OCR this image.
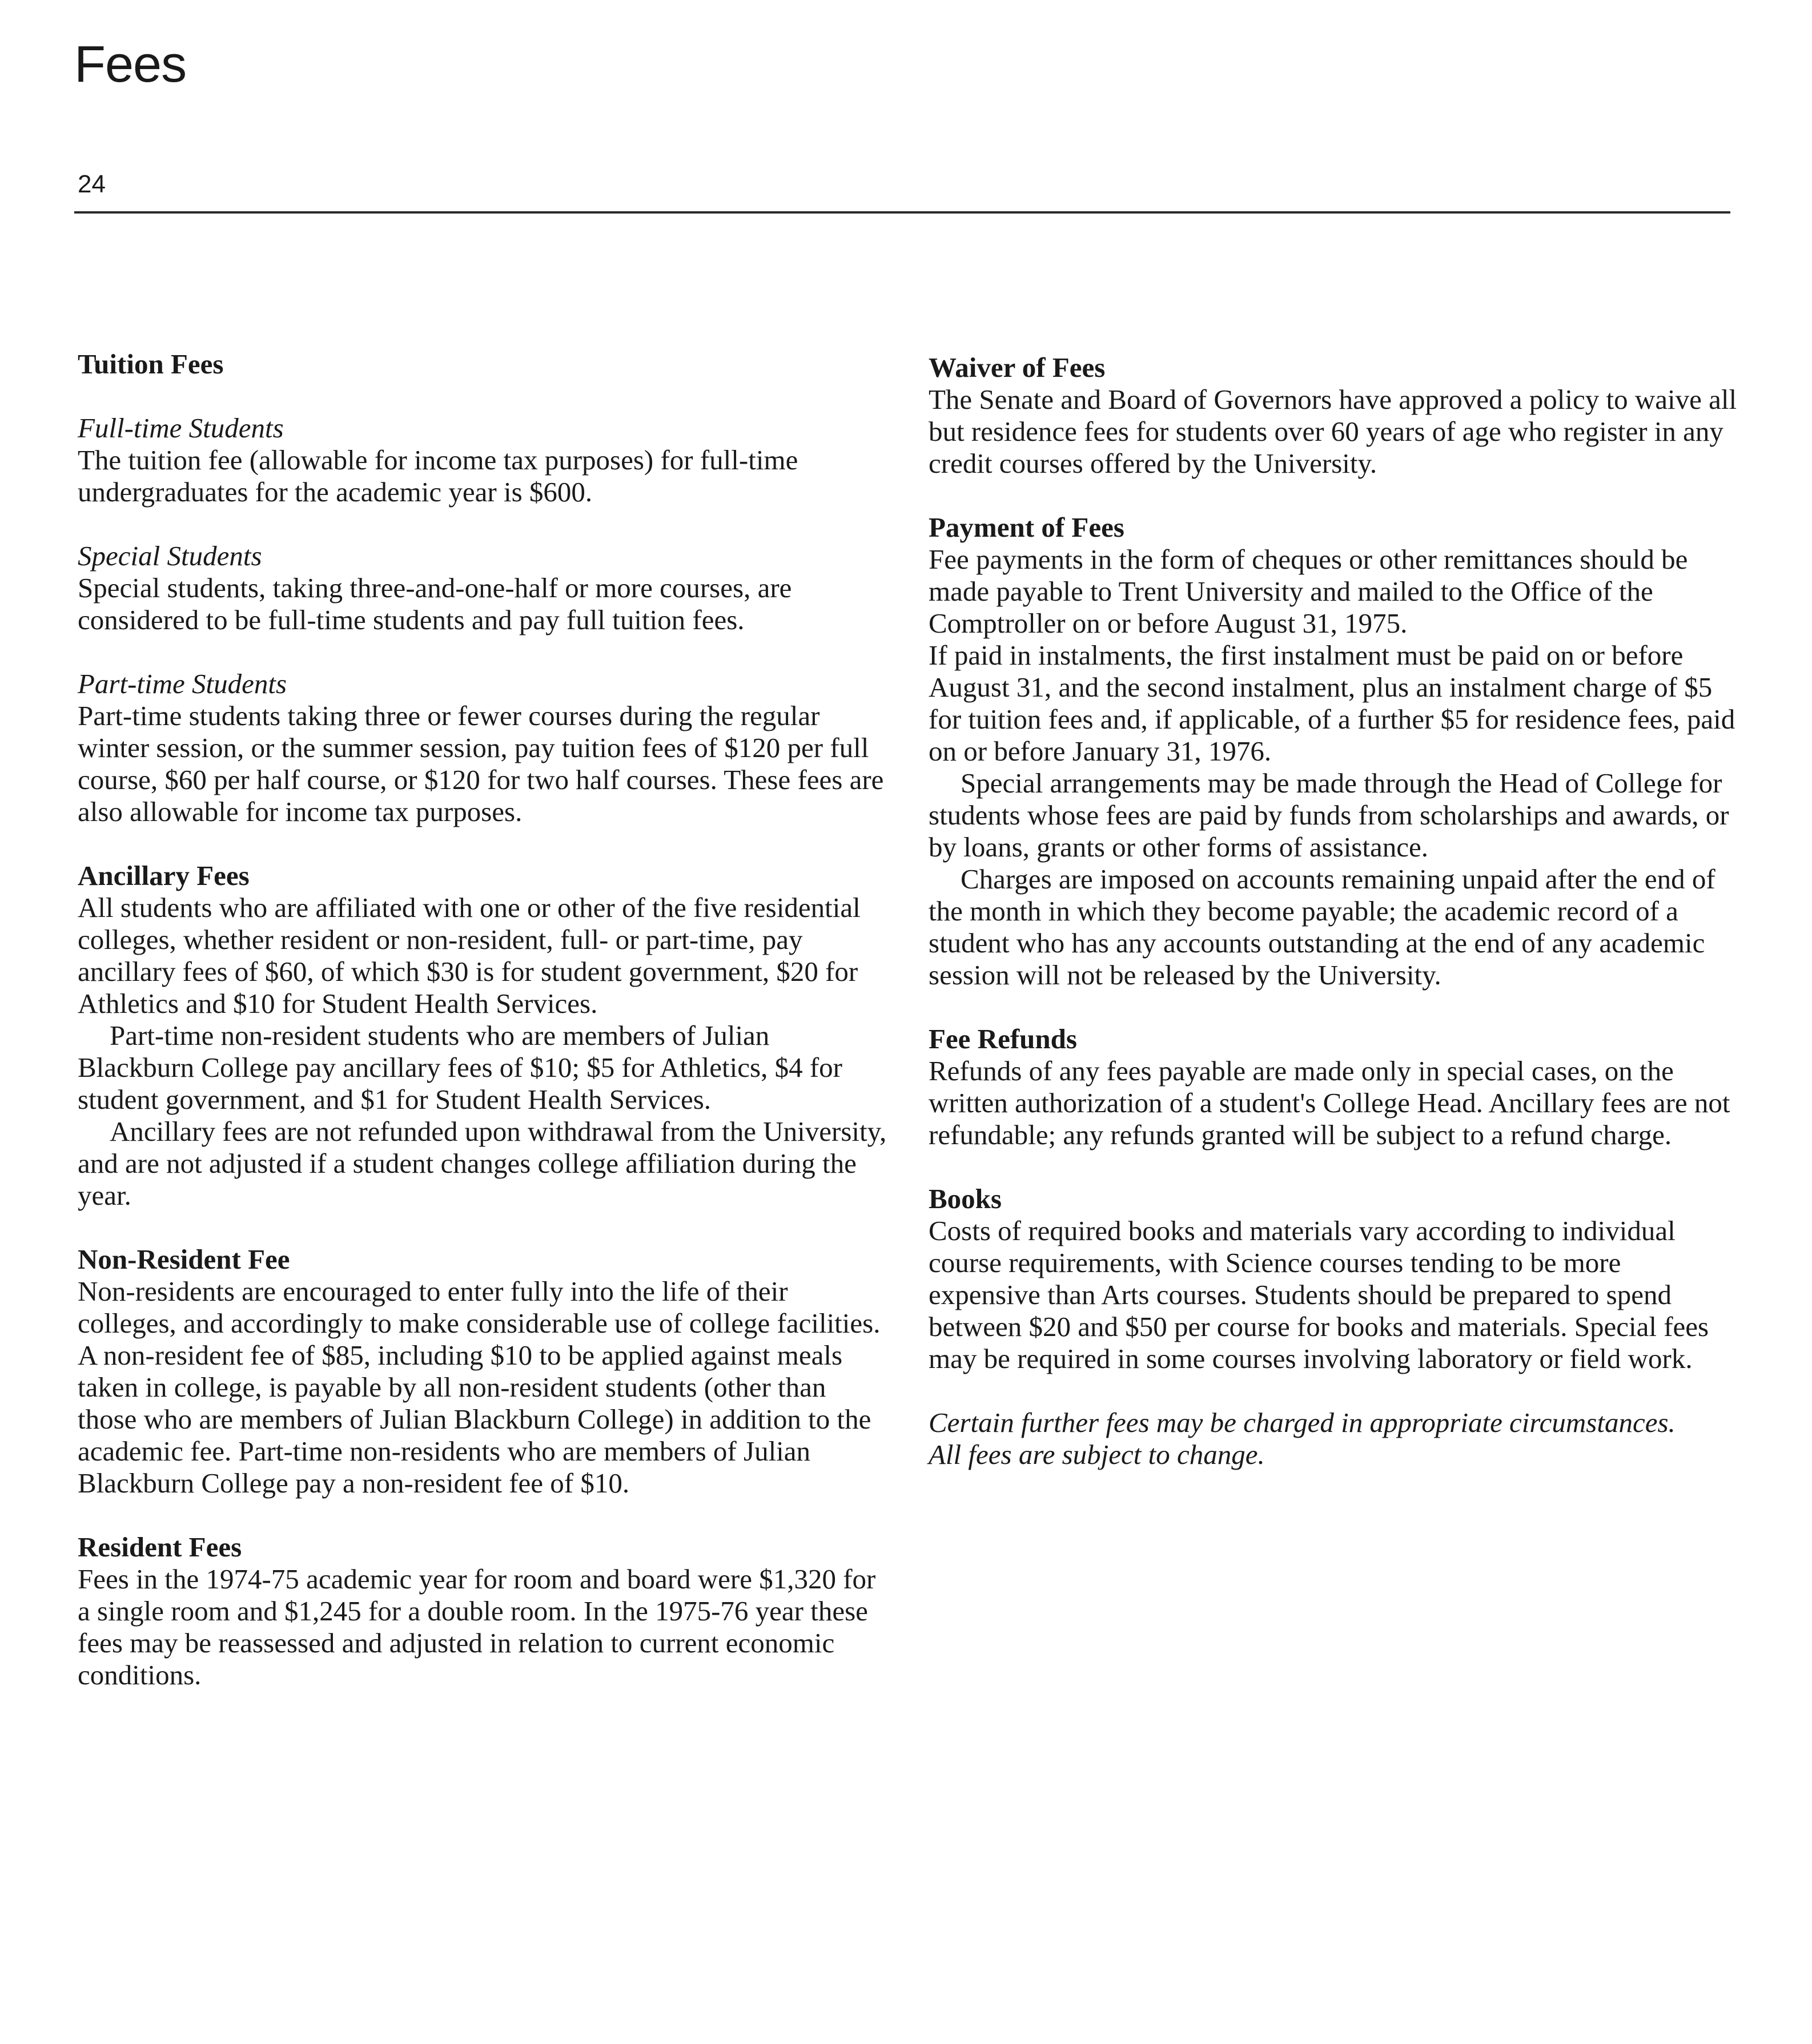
Fees
24
Tuition Fees
Full-time Students

The tuition fee (allowable for income tax purposes) for full-time undergraduates for the academic year is $600.

Special Students

Special students, taking three-and-one-half or more courses, are considered to be full-time students and pay full tuition fees.

Part-time Students

Part-time students taking three or fewer courses during the regular winter session, or the summer session, pay tuition fees of $120 per full course, $60 per half course, or $120 for two half courses. These fees are also allowable for income tax purposes.

Ancillary Fees

All students who are affiliated with one or other of the five residential colleges, whether resident or non-resident, full- or part-time, pay ancillary fees of $60, of which $30 is for student government, $20 for Athletics and $10 for Student Health Services.

Part-time non-resident students who are members of Julian Blackburn College pay ancillary fees of $10; $5 for Athletics, $4 for student government, and $1 for Student Health Services.

Ancillary fees are not refunded upon withdrawal from the University, and are not adjusted if a student changes college affiliation during the year.

Non-Resident Fee

Non-residents are encouraged to enter fully into the life of their colleges, and accordingly to make considerable use of college facilities. A non-resident fee of $85, including $10 to be applied against meals taken in college, is payable by all non-resident students (other than those who are members of Julian Blackburn College) in addition to the academic fee. Part-time non-residents who are members of Julian Blackburn College pay a non-resident fee of $10.

Resident Fees

Fees in the 1974-75 academic year for room and board were $1,320 for a single room and $1,245 for a double room. In the 1975-76 year these fees may be reassessed and adjusted in relation to current economic conditions.

Waiver of Fees

The Senate and Board of Governors have approved a policy to waive all but residence fees for students over 60 years of age who register in any credit courses offered by the University.

Payment of Fees

Fee payments in the form of cheques or other remittances should be made payable to Trent University and mailed to the Office of the Comptroller on or before August 31, 1975.

If paid in instalments, the first instalment must be paid on or before August 31, and the second instalment, plus an instalment charge of $5 for tuition fees and, if applicable, of a further $5 for residence fees, paid on or before January 31, 1976.

Special arrangements may be made through the Head of College for students whose fees are paid by funds from scholarships and awards, or by loans, grants or other forms of assistance.

Charges are imposed on accounts remaining unpaid after the end of the month in which they become payable; the academic record of a student who has any accounts outstanding at the end of any academic session will not be released by the University.

Fee Refunds

Refunds of any fees payable are made only in special cases, on the written authorization of a student's College Head. Ancillary fees are not refundable; any refunds granted will be subject to a refund charge.

Books

Costs of required books and materials vary according to individual course requirements, with Science courses tending to be more expensive than Arts courses. Students should be prepared to spend between $20 and $50 per course for books and materials. Special fees may be required in some courses involving laboratory or field work.

Certain further fees may be charged in appropriate circumstances.
All fees are subject to change.
